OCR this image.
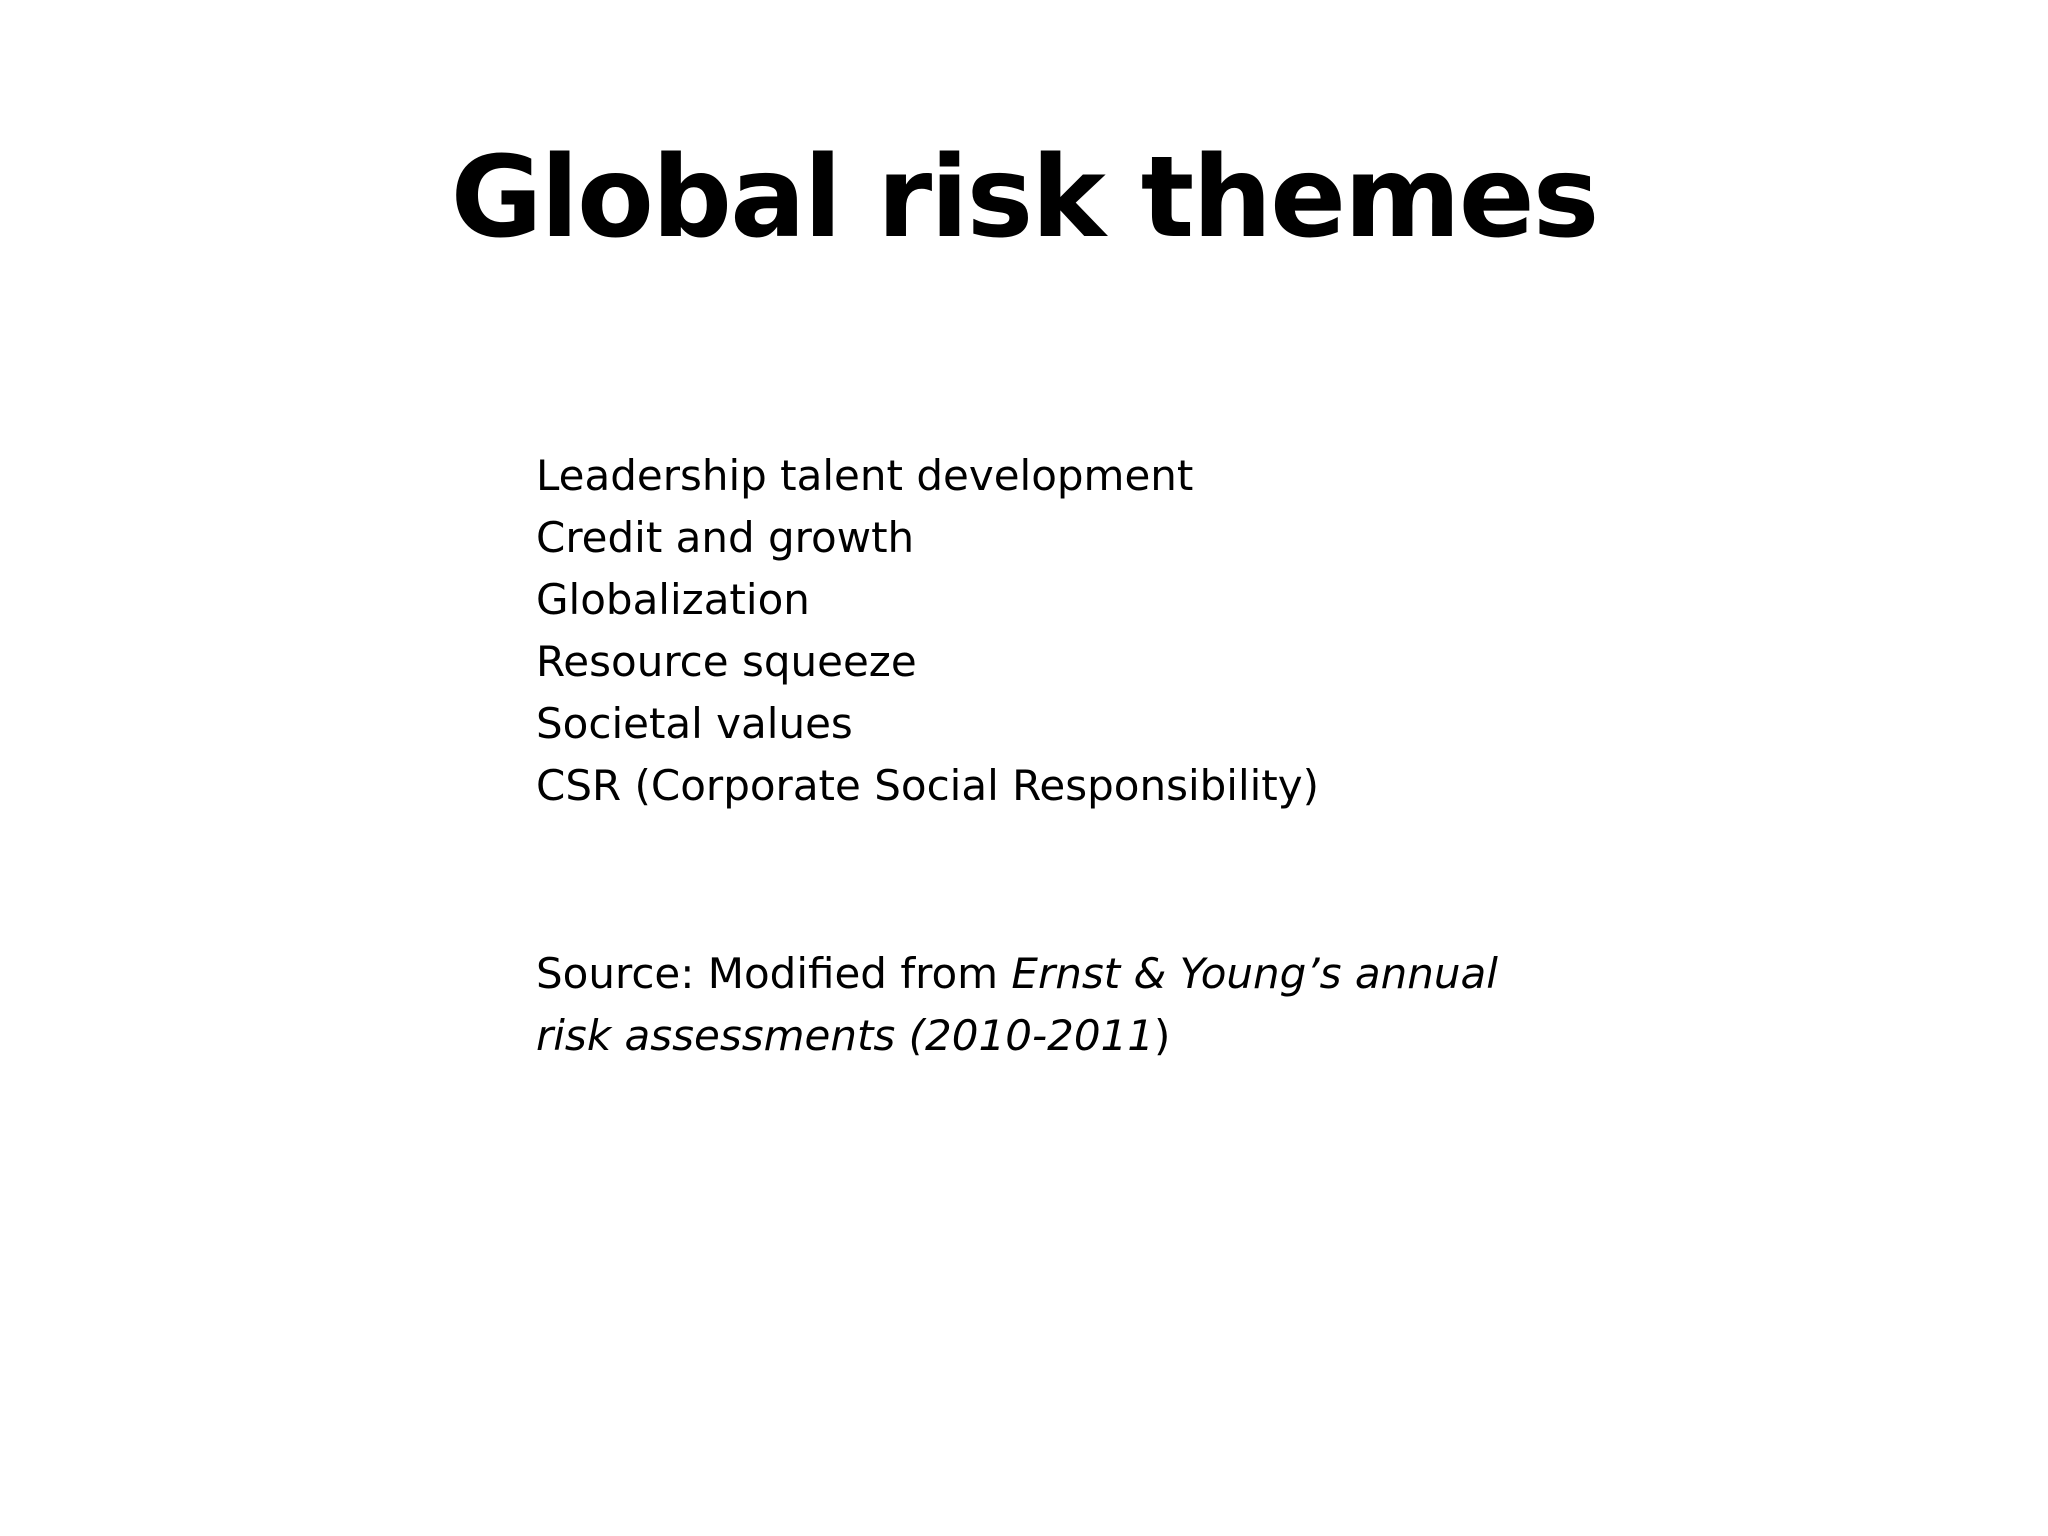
Global risk themes
Leadership talent development
Credit and growth
Globalization
Resource squeeze
Societal values
CSR (Corporate Social Responsibility)

Source: Modified from Ernst & Young’s annual
risk assessments (2010-2011)
